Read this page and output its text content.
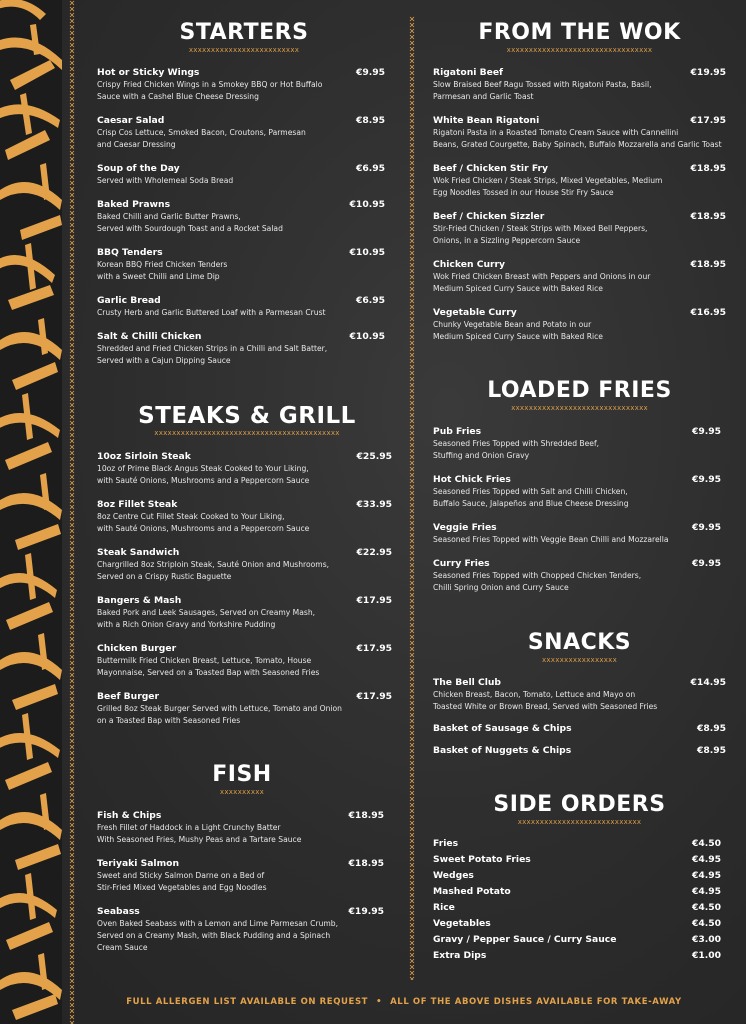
STARTERS
xxxxxxxxxxxxxxxxxxxxxxxxx
Hot or Sticky Wings	€9.95
Crispy Fried Chicken Wings in a Smokey BBQ or Hot Buffalo
Sauce with a Cashel Blue Cheese Dressing
Caesar Salad	€8.95
Crisp Cos Lettuce, Smoked Bacon, Croutons, Parmesan
and Caesar Dressing
Soup of the Day	€6.95
Served with Wholemeal Soda Bread
Baked Prawns	€10.95
Baked Chilli and Garlic Butter Prawns,
Served with Sourdough Toast and a Rocket Salad
BBQ Tenders	€10.95
Korean BBQ Fried Chicken Tenders
with a Sweet Chilli and Lime Dip
Garlic Bread	€6.95
Crusty Herb and Garlic Buttered Loaf with a Parmesan Crust
Salt & Chilli Chicken	€10.95
Shredded and Fried Chicken Strips in a Chilli and Salt Batter,
Served with a Cajun Dipping Sauce
STEAKS & GRILL
xxxxxxxxxxxxxxxxxxxxxxxxxxxxxxxxxxxxxxxxxx
10oz Sirloin Steak	€25.95
10oz of Prime Black Angus Steak Cooked to Your Liking,
with Sauté Onions, Mushrooms and a Peppercorn Sauce
8oz Fillet Steak	€33.95
8oz Centre Cut Fillet Steak Cooked to Your Liking,
with Sauté Onions, Mushrooms and a Peppercorn Sauce
Steak Sandwich	€22.95
Chargrilled 8oz Striploin Steak, Sauté Onion and Mushrooms,
Served on a Crispy Rustic Baguette
Bangers & Mash	€17.95
Baked Pork and Leek Sausages, Served on Creamy Mash,
with a Rich Onion Gravy and Yorkshire Pudding
Chicken Burger	€17.95
Buttermilk Fried Chicken Breast, Lettuce, Tomato, House
Mayonnaise, Served on a Toasted Bap with Seasoned Fries
Beef Burger	€17.95
Grilled 8oz Steak Burger Served with Lettuce, Tomato and Onion
on a Toasted Bap with Seasoned Fries
FISH
xxxxxxxxxx
Fish & Chips	€18.95
Fresh Fillet of Haddock in a Light Crunchy Batter
With Seasoned Fries, Mushy Peas and a Tartare Sauce
Teriyaki Salmon	€18.95
Sweet and Sticky Salmon Darne on a Bed of
Stir-Fried Mixed Vegetables and Egg Noodles
Seabass	€19.95
Oven Baked Seabass with a Lemon and Lime Parmesan Crumb,
Served on a Creamy Mash, with Black Pudding and a Spinach
Cream Sauce
FROM THE WOK
xxxxxxxxxxxxxxxxxxxxxxxxxxxxxxxxx
Rigatoni Beef	€19.95
Slow Braised Beef Ragu Tossed with Rigatoni Pasta, Basil,
Parmesan and Garlic Toast
White Bean Rigatoni	€17.95
Rigatoni Pasta in a Roasted Tomato Cream Sauce with Cannellini
Beans, Grated Courgette, Baby Spinach, Buffalo Mozzarella and Garlic Toast
Beef / Chicken Stir Fry	€18.95
Wok Fried Chicken / Steak Strips, Mixed Vegetables, Medium
Egg Noodles Tossed in our House Stir Fry Sauce
Beef / Chicken Sizzler	€18.95
Stir-Fried Chicken / Steak Strips with Mixed Bell Peppers,
Onions, in a Sizzling Peppercorn Sauce
Chicken Curry	€18.95
Wok Fried Chicken Breast with Peppers and Onions in our
Medium Spiced Curry Sauce with Baked Rice
Vegetable Curry	€16.95
Chunky Vegetable Bean and Potato in our
Medium Spiced Curry Sauce with Baked Rice
LOADED FRIES
xxxxxxxxxxxxxxxxxxxxxxxxxxxxxxx
Pub Fries	€9.95
Seasoned Fries Topped with Shredded Beef,
Stuffing and Onion Gravy
Hot Chick Fries	€9.95
Seasoned Fries Topped with Salt and Chilli Chicken,
Buffalo Sauce, Jalapeños and Blue Cheese Dressing
Veggie Fries	€9.95
Seasoned Fries Topped with Veggie Bean Chilli and Mozzarella
Curry Fries	€9.95
Seasoned Fries Topped with Chopped Chicken Tenders,
Chilli Spring Onion and Curry Sauce
SNACKS
xxxxxxxxxxxxxxxxx
The Bell Club	€14.95
Chicken Breast, Bacon, Tomato, Lettuce and Mayo on
Toasted White or Brown Bread, Served with Seasoned Fries
Basket of Sausage & Chips	€8.95
Basket of Nuggets & Chips	€8.95
SIDE ORDERS
xxxxxxxxxxxxxxxxxxxxxxxxxxxx
Fries	€4.50
Sweet Potato Fries	€4.95
Wedges	€4.95
Mashed Potato	€4.95
Rice	€4.50
Vegetables	€4.50
Gravy / Pepper Sauce / Curry Sauce	€3.00
Extra Dips	€1.00
FULL ALLERGEN LIST AVAILABLE ON REQUEST • ALL OF THE ABOVE DISHES AVAILABLE FOR TAKE-AWAY
